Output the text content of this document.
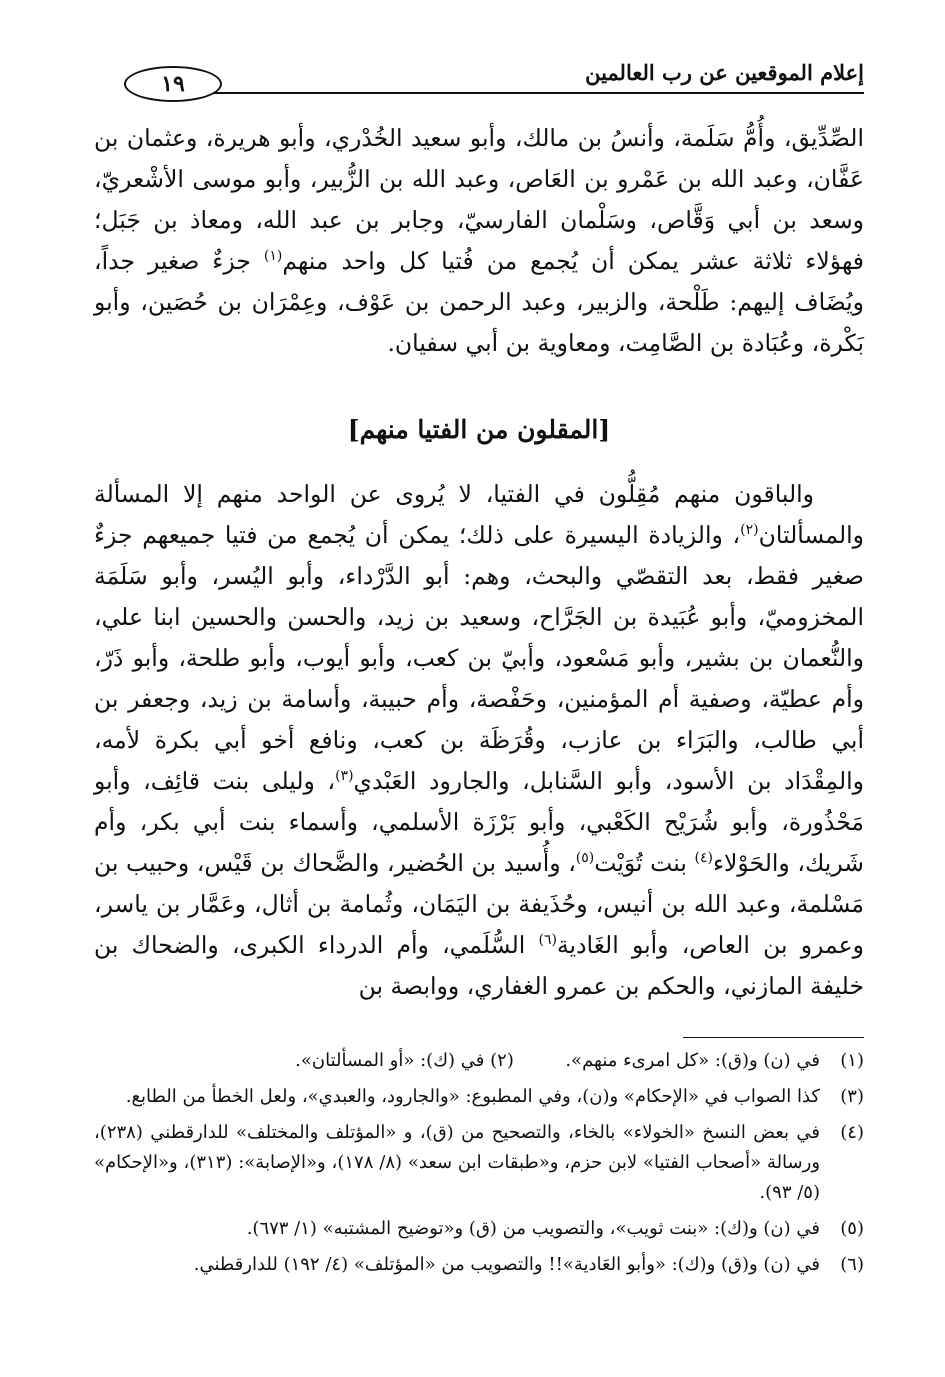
إعلام الموقعين عن رب العالمين
١٩

الصِّدِّيق، وأُمُّ سَلَمة، وأنسُ بن مالك، وأبو سعيد الخُدْري، وأبو هريرة، وعثمان بن عَفَّان، وعبد الله بن عَمْرو بن العَاص، وعبد الله بن الزُّبير، وأبو موسى الأشْعريّ، وسعد بن أبي وَقَّاص، وسَلْمان الفارسيّ، وجابر بن عبد الله، ومعاذ بن جَبَل؛ فهؤلاء ثلاثة عشر يمكن أن يُجمع من فُتيا كل واحد منهم$^{(١)}$ جزءٌ صغير جداً، ويُضَاف إليهم: طَلْحة، والزبير، وعبد الرحمن بن عَوْف، وعِمْرَان بن حُصَين، وأبو بَكْرة، وعُبَادة بن الصَّامِت، ومعاوية بن أبي سفيان.

[المقلون من الفتيا منهم]

والباقون منهم مُقِلُّون في الفتيا، لا يُروى عن الواحد منهم إلا المسألة والمسألتان$^{(٢)}$، والزيادة اليسيرة على ذلك؛ يمكن أن يُجمع من فتيا جميعهم جزءٌ صغير فقط، بعد التقصّي والبحث، وهم: أبو الدَّرْداء، وأبو اليُسر، وأبو سَلَمَة المخزوميّ، وأبو عُبَيدة بن الجَرَّاح، وسعيد بن زيد، والحسن والحسين ابنا علي، والنُّعمان بن بشير، وأبو مَسْعود، وأبيّ بن كعب، وأبو أيوب، وأبو طلحة، وأبو ذَرّ، وأم عطيّة، وصفية أم المؤمنين، وحَفْصة، وأم حبيبة، وأسامة بن زيد، وجعفر بن أبي طالب، والبَرَاء بن عازب، وقُرَظَة بن كعب، ونافع أخو أبي بكرة لأمه، والمِقْدَاد بن الأسود، وأبو السَّنابل، والجارود العَبْدي$^{(٣)}$، وليلى بنت قائِف، وأبو مَحْذُورة، وأبو شُرَيْح الكَعْبي، وأبو بَرْزَة الأسلمي، وأسماء بنت أبي بكر، وأم شَريك، والحَوْلاء$^{(٤)}$ بنت تُوَيْت$^{(٥)}$، وأُسيد بن الحُضير، والضَّحاك بن قَيْس، وحبيب بن مَسْلمة، وعبد الله بن أنيس، وحُذَيفة بن اليَمَان، وثُمامة بن أثال، وعَمَّار بن ياسر، وعمرو بن العاص، وأبو الغَادية$^{(٦)}$ السُّلَمي، وأم الدرداء الكبرى، والضحاك بن خليفة المازني، والحكم بن عمرو الغفاري، ووابصة بن

(١)
في (ن) و(ق): «كل امرىء منهم».  (٢) في (ك): «أو المسألتان».
(٣)
كذا الصواب في «الإحكام» و(ن)، وفي المطبوع: «والجارود، والعبدي»، ولعل الخطأ من الطابع.
(٤)
في بعض النسخ «الخولاء» بالخاء، والتصحيح من (ق)، و «المؤتلف والمختلف» للدارقطني (٢٣٨)، ورسالة «أصحاب الفتيا» لابن حزم، و«طبقات ابن سعد» (٨/ ١٧٨)، و«الإصابة»: (٣١٣)، و«الإحكام» (٥/ ٩٣).
(٥)
في (ن) و(ك): «بنت ثويب»، والتصويب من (ق) و«توضيح المشتبه» (١/ ٦٧٣).
(٦)
في (ن) و(ق) و(ك): «وأبو العَادية»!! والتصويب من «المؤتلف» (٤/ ١٩٢) للدارقطني.
